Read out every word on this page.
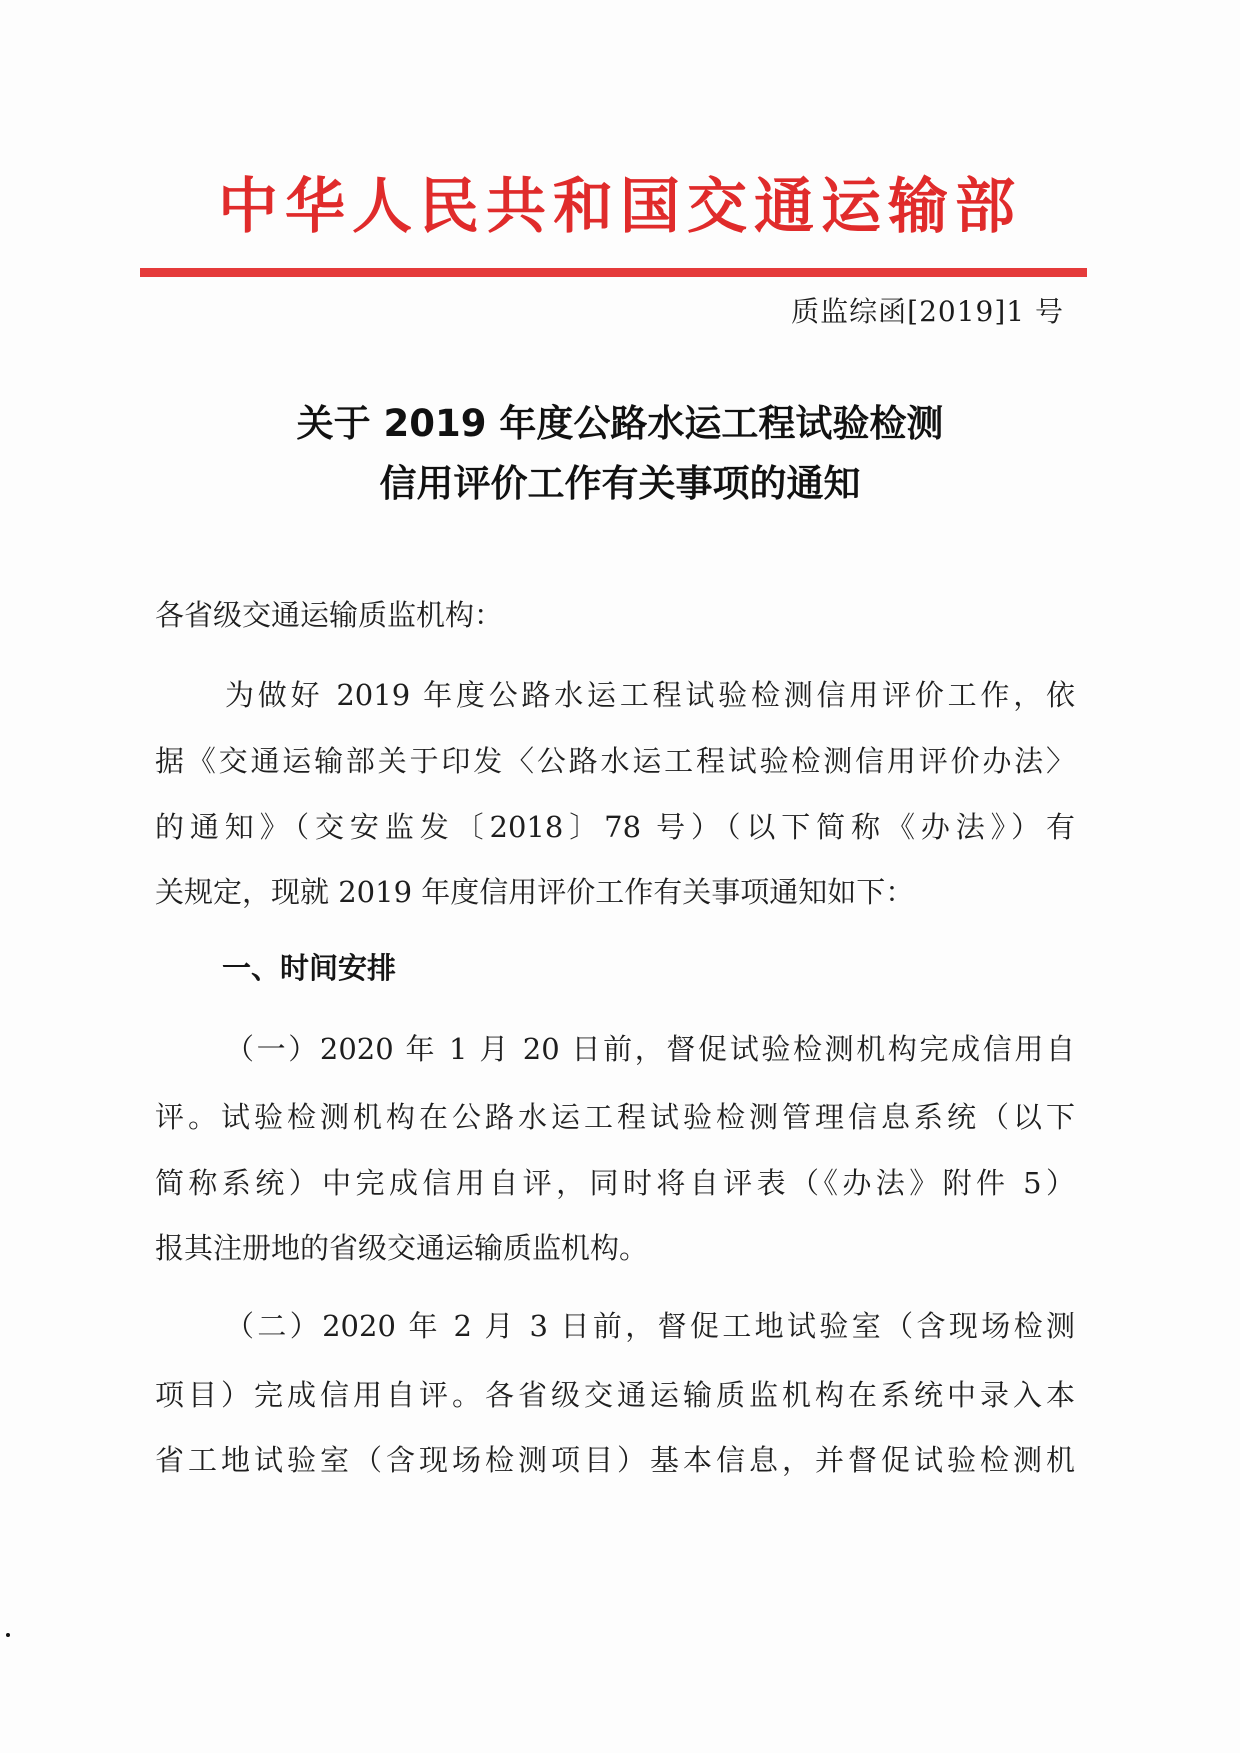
中华人民共和国交通运输部
质监综函[2019]1 号
关于 2019 年度公路水运工程试验检测
信用评价工作有关事项的通知
各省级交通运输质监机构：
为做好 2019 年度公路水运工程试验检测信用评价工作，依
据《交通运输部关于印发〈公路水运工程试验检测信用评价办法〉
的通知》（交安监发〔2018〕78 号）（以下简称《办法》）有
关规定，现就 2019 年度信用评价工作有关事项通知如下：
一、时间安排
（一）2020 年 1 月 20 日前，督促试验检测机构完成信用自
评。试验检测机构在公路水运工程试验检测管理信息系统（以下
简称系统）中完成信用自评，同时将自评表（《办法》附件 5）
报其注册地的省级交通运输质监机构。
（二）2020 年 2 月 3 日前，督促工地试验室（含现场检测
项目）完成信用自评。各省级交通运输质监机构在系统中录入本
省工地试验室（含现场检测项目）基本信息，并督促试验检测机
